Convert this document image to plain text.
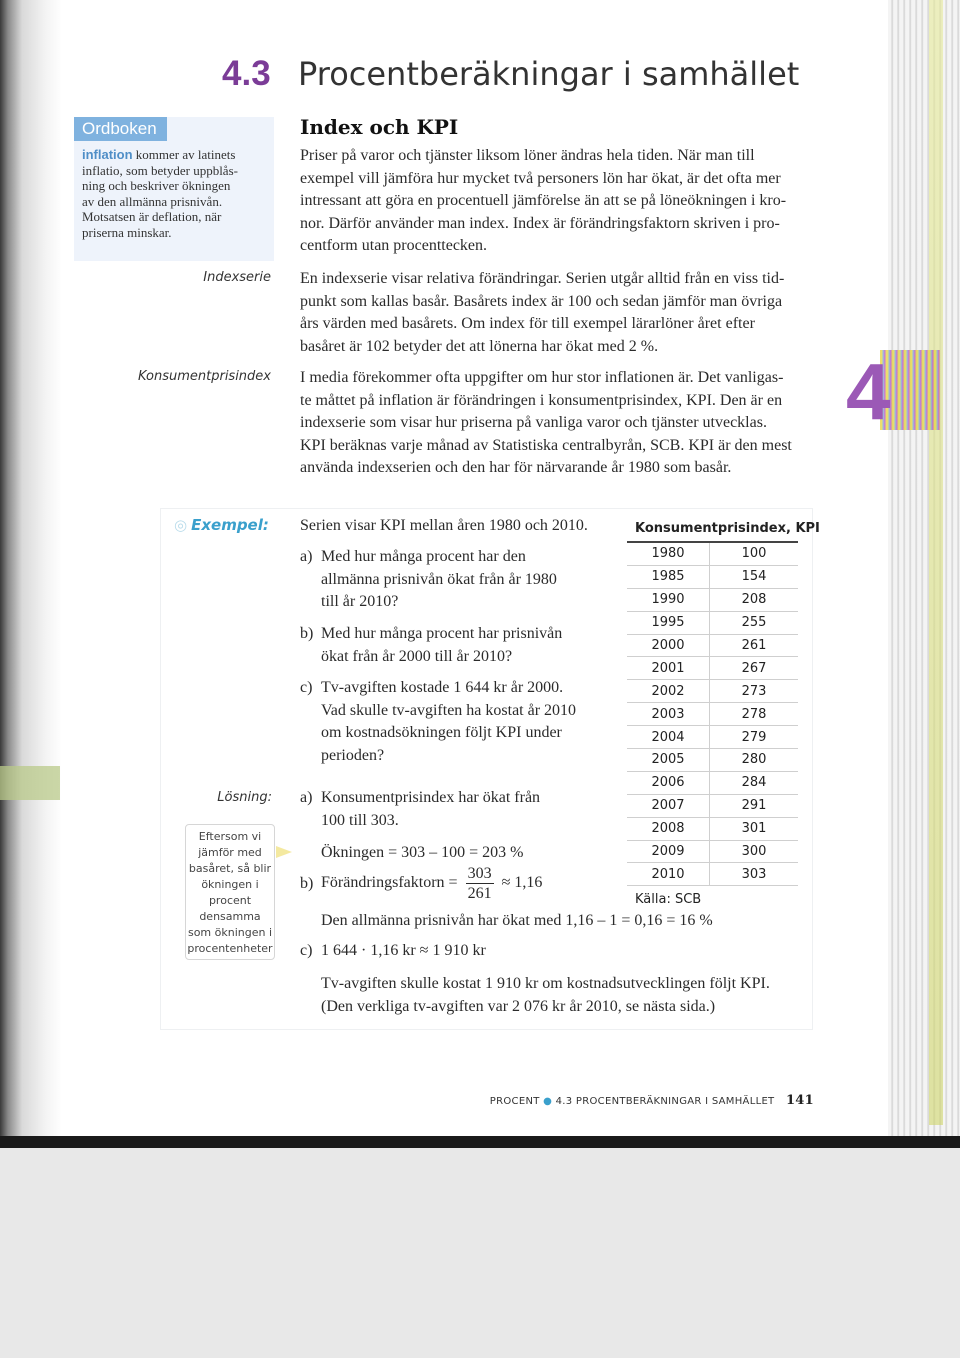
4.3 Procentberäkningar i samhället
Ordboken
inflation kommer av latinets
inflatio, som betyder uppblås-
ning och beskriver ökningen
av den allmänna prisnivån.
Motsatsen är deflation, när
priserna minskar.
Indexserie
Konsumentprisindex
Index och KPI
Priser på varor och tjänster liksom löner ändras hela tiden. När man till
exempel vill jämföra hur mycket två personers lön har ökat, är det ofta mer
intressant att göra en procentuell jämförelse än att se på löneökningen i kro-
nor. Därför använder man index. Index är förändringsfaktorn skriven i pro-
centform utan procenttecken.
En indexserie visar relativa förändringar. Serien utgår alltid från en viss tid-
punkt som kallas basår. Basårets index är 100 och sedan jämför man övriga
års värden med basårets. Om index för till exempel lärarlöner året efter
basåret är 102 betyder det att lönerna har ökat med 2 %.
I media förekommer ofta uppgifter om hur stor inflationen är. Det vanligas-
te måttet på inflation är förändringen i konsumentprisindex, KPI. Den är en
indexserie som visar hur priserna på vanliga varor och tjänster utvecklas.
KPI beräknas varje månad av Statistiska centralbyrån, SCB. KPI är den mest
använda indexserien och den har för närvarande år 1980 som basår.
4
◎ Exempel: Serien visar KPI mellan åren 1980 och 2010.
a) Med hur många procent har den
allmänna prisnivån ökat från år 1980
till år 2010?
b) Med hur många procent har prisnivån
ökat från år 2000 till år 2010?
c) Tv-avgiften kostade 1 644 kr år 2000.
Vad skulle tv-avgiften ha kostat år 2010
om kostnadsökningen följt KPI under
perioden?
Lösning:
Eftersom vi
jämför med
basåret, så blir
ökningen i
procent
densamma
som ökningen i
procentenheter
a) Konsumentprisindex har ökat från
100 till 303.
Ökningen = 303 – 100 = 203 %
b) Förändringsfaktorn = $\frac{303}{261} \approx 1,16$
Den allmänna prisnivån har ökat med 1,16 – 1 = 0,16 = 16 %
c) 1 644 · 1,16 kr ≈ 1 910 kr
Tv-avgiften skulle kostat 1 910 kr om kostnadsutvecklingen följt KPI.
(Den verkliga tv-avgiften var 2 076 kr år 2010, se nästa sida.)
Konsumentprisindex, KPI
1980	100
1985	154
1990	208
1995	255
2000	261
2001	267
2002	273
2003	278
2004	279
2005	280
2006	284
2007	291
2008	301
2009	300
2010	303
Källa: SCB
PROCENT ● 4.3 PROCENTBERÄKNINGAR I SAMHÄLLET 141
